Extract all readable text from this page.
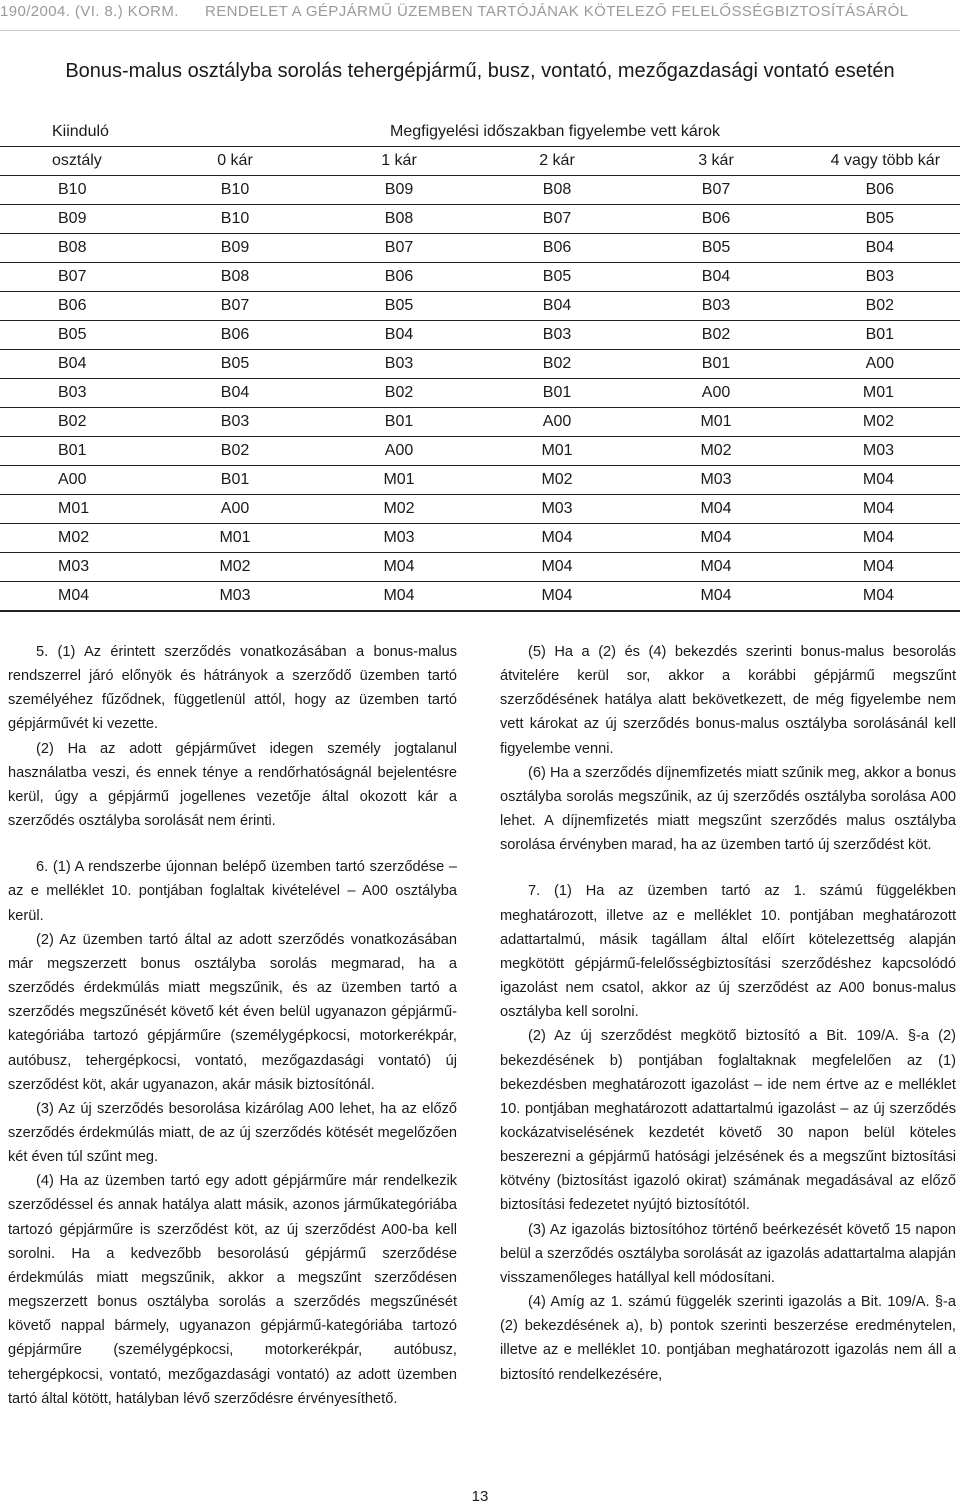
190/2004. (VI. 8.) KORM. RENDELET A GÉPJÁRMŰ ÜZEMBEN TARTÓJÁNAK KÖTELEZŐ FELELŐSSÉGBIZTOSÍTÁSÁRÓL
Bonus-malus osztályba sorolás tehergépjármű, busz, vontató, mezőgazdasági vontató esetén
Kiinduló	Megfigyelési időszakban figyelembe vett károk				
osztály	0 kár	1 kár	2 kár	3 kár	4 vagy több kár
B10	B10	B09	B08	B07	B06
B09	B10	B08	B07	B06	B05
B08	B09	B07	B06	B05	B04
B07	B08	B06	B05	B04	B03
B06	B07	B05	B04	B03	B02
B05	B06	B04	B03	B02	B01
B04	B05	B03	B02	B01	A00
B03	B04	B02	B01	A00	M01
B02	B03	B01	A00	M01	M02
B01	B02	A00	M01	M02	M03
A00	B01	M01	M02	M03	M04
M01	A00	M02	M03	M04	M04
M02	M01	M03	M04	M04	M04
M03	M02	M04	M04	M04	M04
M04	M03	M04	M04	M04	M04

5. (1) Az érintett szerződés vonatkozásában a bonus-malus rendszerrel járó előnyök és hátrányok a szerződő üzemben tartó személyéhez fűződnek, függetlenül attól, hogy az üzemben tartó gépjárművét ki vezette.

(2) Ha az adott gépjárművet idegen személy jogtalanul használatba veszi, és ennek ténye a rendőrhatóságnál bejelentésre kerül, úgy a gépjármű jogellenes vezetője által okozott kár a szerződés osztályba sorolását nem érinti.

6. (1) A rendszerbe újonnan belépő üzemben tartó szerződése – az e melléklet 10. pontjában foglaltak kivételével – A00 osztályba kerül.

(2) Az üzemben tartó által az adott szerződés vonatkozásában már megszerzett bonus osztályba sorolás megmarad, ha a szerződés érdekmúlás miatt megszűnik, és az üzemben tartó a szerződés megszűnését követő két éven belül ugyanazon gépjármű-kategóriába tartozó gépjárműre (személygépkocsi, motorkerékpár, autóbusz, tehergépkocsi, vontató, mezőgazdasági vontató) új szerződést köt, akár ugyanazon, akár másik biztosítónál.

(3) Az új szerződés besorolása kizárólag A00 lehet, ha az előző szerződés érdekmúlás miatt, de az új szerződés kötését megelőzően két éven túl szűnt meg.

(4) Ha az üzemben tartó egy adott gépjárműre már rendelkezik szerződéssel és annak hatálya alatt másik, azonos járműkategóriába tartozó gépjárműre is szerződést köt, az új szerződést A00-ba kell sorolni. Ha a kedvezőbb besorolású gépjármű szerződése érdekmúlás miatt megszűnik, akkor a megszűnt szerződésen megszerzett bonus osztályba sorolás a szerződés megszűnését követő nappal bármely, ugyanazon gépjármű-kategóriába tartozó gépjárműre (személygépkocsi, motorkerékpár, autóbusz, tehergépkocsi, vontató, mezőgazdasági vontató) az adott üzemben tartó által kötött, hatályban lévő szerződésre érvényesíthető.

(5) Ha a (2) és (4) bekezdés szerinti bonus-malus besorolás átvitelére kerül sor, akkor a korábbi gépjármű megszűnt szerződésének hatálya alatt bekövetkezett, de még figyelembe nem vett károkat az új szerződés bonus-malus osztályba sorolásánál kell figyelembe venni.

(6) Ha a szerződés díjnemfizetés miatt szűnik meg, akkor a bonus osztályba sorolás megszűnik, az új szerződés osztályba sorolása A00 lehet. A díjnemfizetés miatt megszűnt szerződés malus osztályba sorolása érvényben marad, ha az üzemben tartó új szerződést köt.

7. (1) Ha az üzemben tartó az 1. számú függelékben meghatározott, illetve az e melléklet 10. pontjában meghatározott adattartalmú, másik tagállam által előírt kötelezettség alapján megkötött gépjármű-felelősségbiztosítási szerződéshez kapcsolódó igazolást nem csatol, akkor az új szerződést az A00 bonus-malus osztályba kell sorolni.

(2) Az új szerződést megkötő biztosító a Bit. 109/A. §-a (2) bekezdésének b) pontjában foglaltaknak megfelelően az (1) bekezdésben meghatározott igazolást – ide nem értve az e melléklet 10. pontjában meghatározott adattartalmú igazolást – az új szerződés kockázatviselésének kezdetét követő 30 napon belül köteles beszerezni a gépjármű hatósági jelzésének és a megszűnt biztosítási kötvény (biztosítást igazoló okirat) számának megadásával az előző biztosítási fedezetet nyújtó biztosítótól.

(3) Az igazolás biztosítóhoz történő beérkezését követő 15 napon belül a szerződés osztályba sorolását az igazolás adattartalma alapján visszamenőleges hatállyal kell módosítani.

(4) Amíg az 1. számú függelék szerinti igazolás a Bit. 109/A. §-a (2) bekezdésének a), b) pontok szerinti beszerzése eredménytelen, illetve az e melléklet 10. pontjában meghatározott igazolás nem áll a biztosító rendelkezésére,

13
